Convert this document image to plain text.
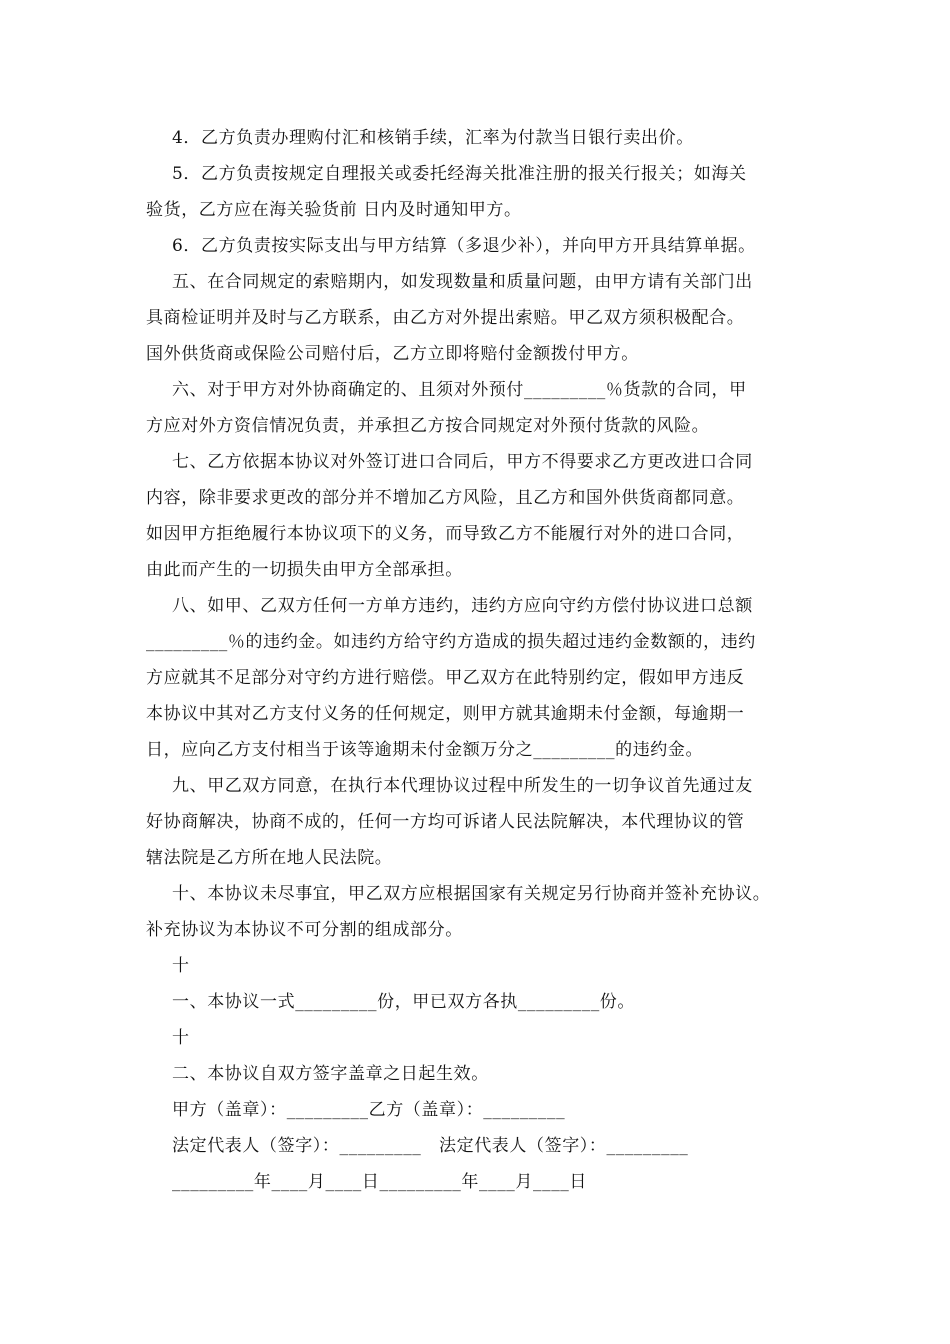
4．乙方负责办理购付汇和核销手续，汇率为付款当日银行卖出价。
5．乙方负责按规定自理报关或委托经海关批准注册的报关行报关；如海关
验货，乙方应在海关验货前 日内及时通知甲方。
6．乙方负责按实际支出与甲方结算（多退少补），并向甲方开具结算单据。
五、在合同规定的索赔期内，如发现数量和质量问题，由甲方请有关部门出
具商检证明并及时与乙方联系，由乙方对外提出索赔。甲乙双方须积极配合。
国外供货商或保险公司赔付后，乙方立即将赔付金额拨付甲方。
六、对于甲方对外协商确定的、且须对外预付_________％货款的合同，甲
方应对外方资信情况负责，并承担乙方按合同规定对外预付货款的风险。
七、乙方依据本协议对外签订进口合同后，甲方不得要求乙方更改进口合同
内容，除非要求更改的部分并不增加乙方风险，且乙方和国外供货商都同意。
如因甲方拒绝履行本协议项下的义务，而导致乙方不能履行对外的进口合同，
由此而产生的一切损失由甲方全部承担。
八、如甲、乙双方任何一方单方违约，违约方应向守约方偿付协议进口总额
_________％的违约金。如违约方给守约方造成的损失超过违约金数额的，违约
方应就其不足部分对守约方进行赔偿。甲乙双方在此特别约定，假如甲方违反
本协议中其对乙方支付义务的任何规定，则甲方就其逾期未付金额，每逾期一
日，应向乙方支付相当于该等逾期未付金额万分之_________的违约金。
九、甲乙双方同意，在执行本代理协议过程中所发生的一切争议首先通过友
好协商解决，协商不成的，任何一方均可诉诸人民法院解决，本代理协议的管
辖法院是乙方所在地人民法院。
十、本协议未尽事宜，甲乙双方应根据国家有关规定另行协商并签补充协议。
补充协议为本协议不可分割的组成部分。
十
一、本协议一式_________份，甲已双方各执_________份。
十
二、本协议自双方签字盖章之日起生效。
甲方（盖章）：_________乙方（盖章）：_________
法定代表人（签字）：_________　法定代表人（签字）：_________
_________年____月____日_________年____月____日
